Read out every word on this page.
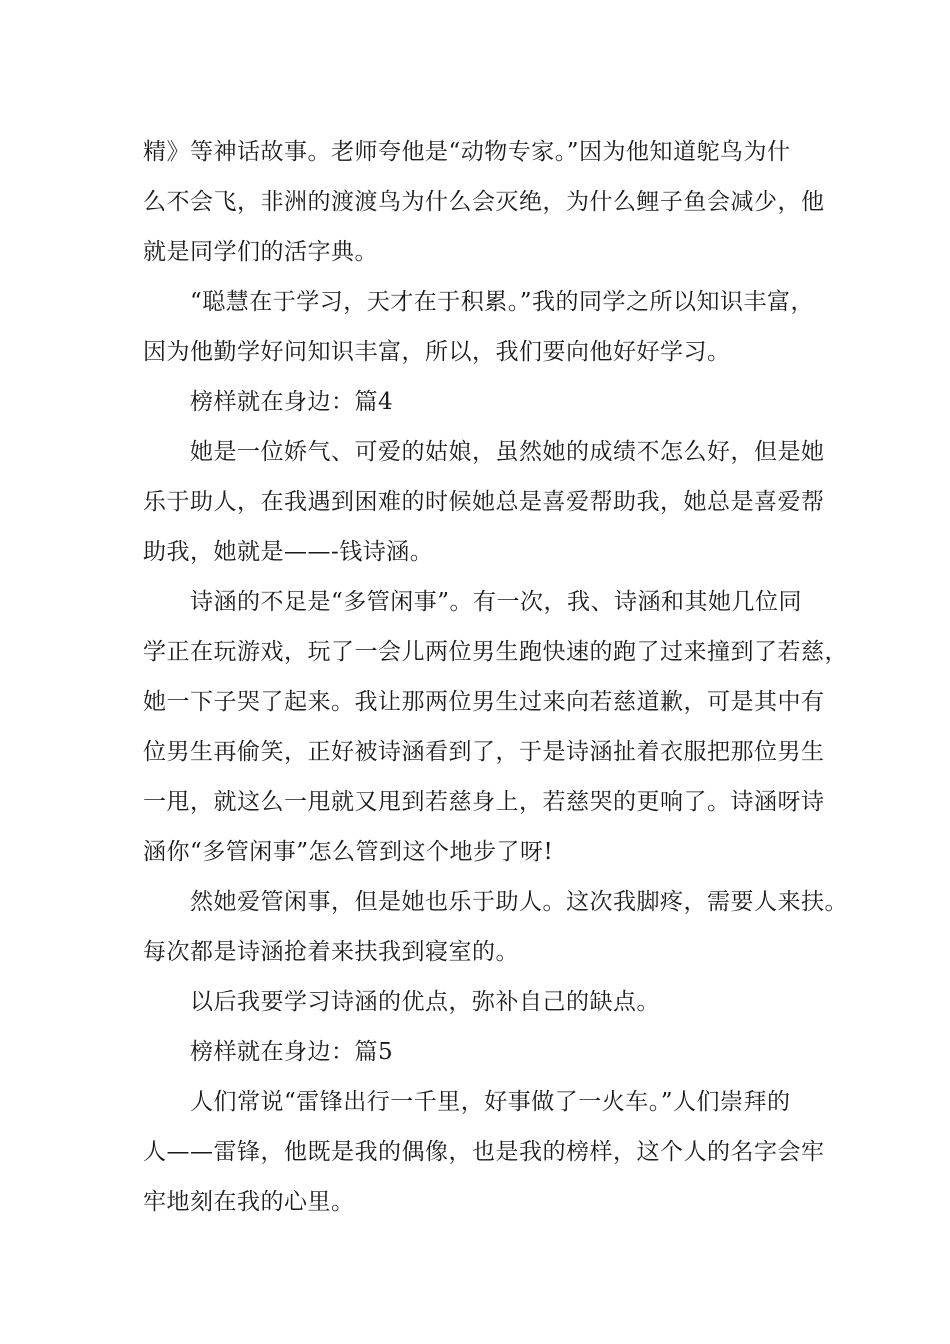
精》等神话故事。老师夸他是“动物专家。”因为他知道鸵鸟为什
么不会飞，非洲的渡渡鸟为什么会灭绝，为什么鲤子鱼会减少，他
就是同学们的活字典。
“聪慧在于学习，天才在于积累。”我的同学之所以知识丰富，
因为他勤学好问知识丰富，所以，我们要向他好好学习。
榜样就在身边：篇4
她是一位娇气、可爱的姑娘，虽然她的成绩不怎么好，但是她
乐于助人，在我遇到困难的时候她总是喜爱帮助我，她总是喜爱帮
助我，她就是——-钱诗涵。
诗涵的不足是“多管闲事”。有一次，我、诗涵和其她几位同
学正在玩游戏，玩了一会儿两位男生跑快速的跑了过来撞到了若慈，
她一下子哭了起来。我让那两位男生过来向若慈道歉，可是其中有
位男生再偷笑，正好被诗涵看到了，于是诗涵扯着衣服把那位男生
一甩，就这么一甩就又甩到若慈身上，若慈哭的更响了。诗涵呀诗
涵你“多管闲事”怎么管到这个地步了呀!
然她爱管闲事，但是她也乐于助人。这次我脚疼，需要人来扶。
每次都是诗涵抢着来扶我到寝室的。
以后我要学习诗涵的优点，弥补自己的缺点。
榜样就在身边：篇5
人们常说“雷锋出行一千里，好事做了一火车。”人们崇拜的
人——雷锋，他既是我的偶像，也是我的榜样，这个人的名字会牢
牢地刻在我的心里。
